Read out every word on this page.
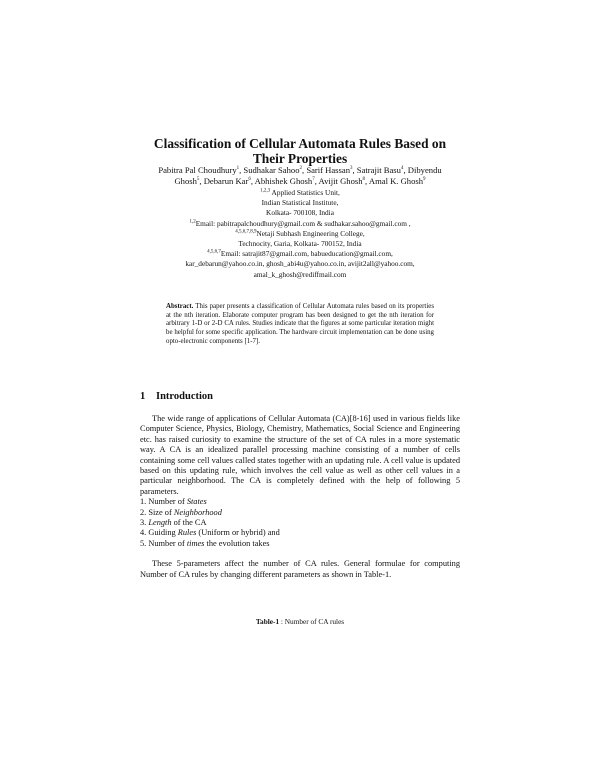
Classification of Cellular Automata Rules Based on
Their Properties
Pabitra Pal Choudhury$^1$, Sudhakar Sahoo$^2$, Sarif Hassan$^3$, Satrajit Basu$^4$, Dibyendu
Ghosh$^5$, Debarun Kar$^6$, Abhishek Ghosh$^7$, Avijit Ghosh$^8$, Amal K. Ghosh$^9$
$^{1,2,3}$ Applied Statistics Unit,
Indian Statistical Institute,
Kolkata- 700108, India
$^{1,2}$Email: pabitrapalchoudhury@gmail.com & sudhakar.sahoo@gmail.com ,
$^{4,5,6,7,8,9}$Netaji Subhash Engineering College,
Technocity, Garia, Kolkata- 700152, India
$^{4,5,6,7}$Email: satrajit87@gmail.com, babueducation@gmail.com,
kar_debarun@yahoo.co.in, ghosh_abi4u@yahoo.co.in, avijit2all@yahoo.com,
amal_k_ghosh@rediffmail.com
Abstract. This paper presents a classification of Cellular Automata rules based on its properties at the nth iteration. Elaborate computer program has been designed to get the nth iteration for arbitrary 1-D or 2-D CA rules. Studies indicate that the figures at some particular iteration might be helpful for some specific application. The hardware circuit implementation can be done using opto-electronic components [1-7].
1 Introduction

The wide range of applications of Cellular Automata (CA)[8-16] used in various fields like Computer Science, Physics, Biology, Chemistry, Mathematics, Social Science and Engineering etc. has raised curiosity to examine the structure of the set of CA rules in a more systematic way. A CA is an idealized parallel processing machine consisting of a number of cells containing some cell values called states together with an updating rule. A cell value is updated based on this updating rule, which involves the cell value as well as other cell values in a particular neighborhood. The CA is completely defined with the help of following 5 parameters.

1. Number of States
2. Size of Neighborhood
3. Length of the CA
4. Guiding Rules (Uniform or hybrid) and
5. Number of times the evolution takes

These 5-parameters affect the number of CA rules. General formulae for computing Number of CA rules by changing different parameters as shown in Table-1.

Table-1 : Number of CA rules
